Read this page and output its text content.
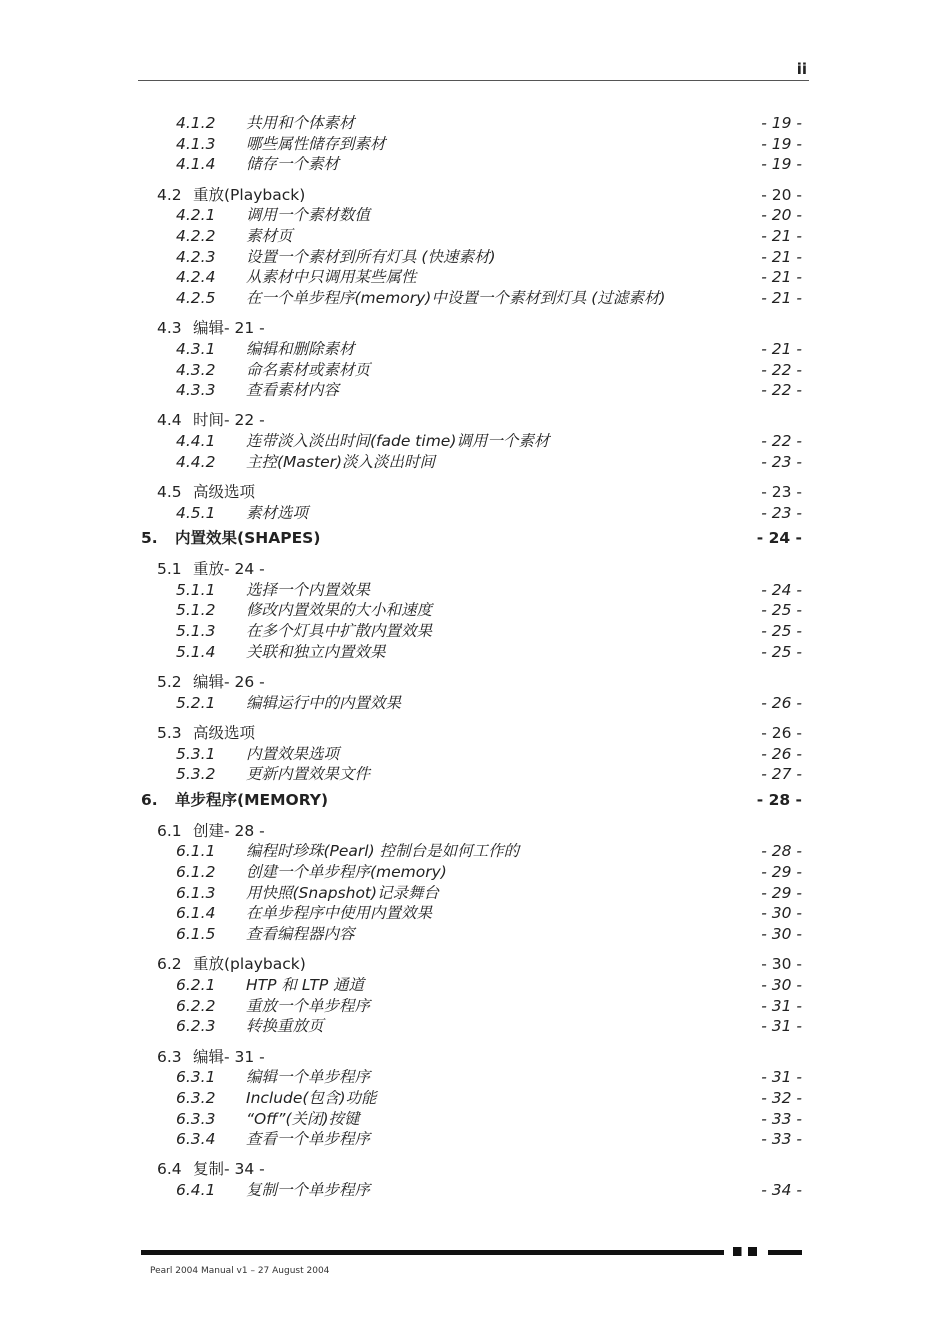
ii
4.1.2 共用和个体素材	- 19 -
4.1.3 哪些属性储存到素材	- 19 -
4.1.4 储存一个素材	- 19 -
4.2 重放(Playback)	- 20 -
4.2.1 调用一个素材数值	- 20 -
4.2.2 素材页	- 21 -
4.2.3 设置一个素材到所有灯具 (快速素材)	- 21 -
4.2.4 从素材中只调用某些属性	- 21 -
4.2.5 在一个单步程序(memory)中设置一个素材到灯具 (过滤素材)	- 21 -
4.3 编辑- 21 -
4.3.1 编辑和删除素材	- 21 -
4.3.2 命名素材或素材页	- 22 -
4.3.3 查看素材内容	- 22 -
4.4 时间- 22 -
4.4.1 连带淡入淡出时间(fade time)调用一个素材	- 22 -
4.4.2 主控(Master)淡入淡出时间	- 23 -
4.5 高级选项	- 23 -
4.5.1 素材选项	- 23 -
5. 内置效果(SHAPES)	- 24 -
5.1 重放- 24 -
5.1.1 选择一个内置效果	- 24 -
5.1.2 修改内置效果的大小和速度	- 25 -
5.1.3 在多个灯具中扩散内置效果	- 25 -
5.1.4 关联和独立内置效果	- 25 -
5.2 编辑- 26 -
5.2.1 编辑运行中的内置效果	- 26 -
5.3 高级选项	- 26 -
5.3.1 内置效果选项	- 26 -
5.3.2 更新内置效果文件	- 27 -
6. 单步程序(MEMORY)	- 28 -
6.1 创建- 28 -
6.1.1 编程时珍珠(Pearl) 控制台是如何工作的	- 28 -
6.1.2 创建一个单步程序(memory)	- 29 -
6.1.3 用快照(Snapshot)记录舞台	- 29 -
6.1.4 在单步程序中使用内置效果	- 30 -
6.1.5 查看编程器内容	- 30 -
6.2 重放(playback)	- 30 -
6.2.1 HTP 和 LTP 通道	- 30 -
6.2.2 重放一个单步程序	- 31 -
6.2.3 转换重放页	- 31 -
6.3 编辑- 31 -
6.3.1 编辑一个单步程序	- 31 -
6.3.2 Include(包含)功能	- 32 -
6.3.3 “Off”(关闭)按键	- 33 -
6.3.4 查看一个单步程序	- 33 -
6.4 复制- 34 -
6.4.1 复制一个单步程序	- 34 -
Pearl 2004 Manual v1 – 27 August 2004
